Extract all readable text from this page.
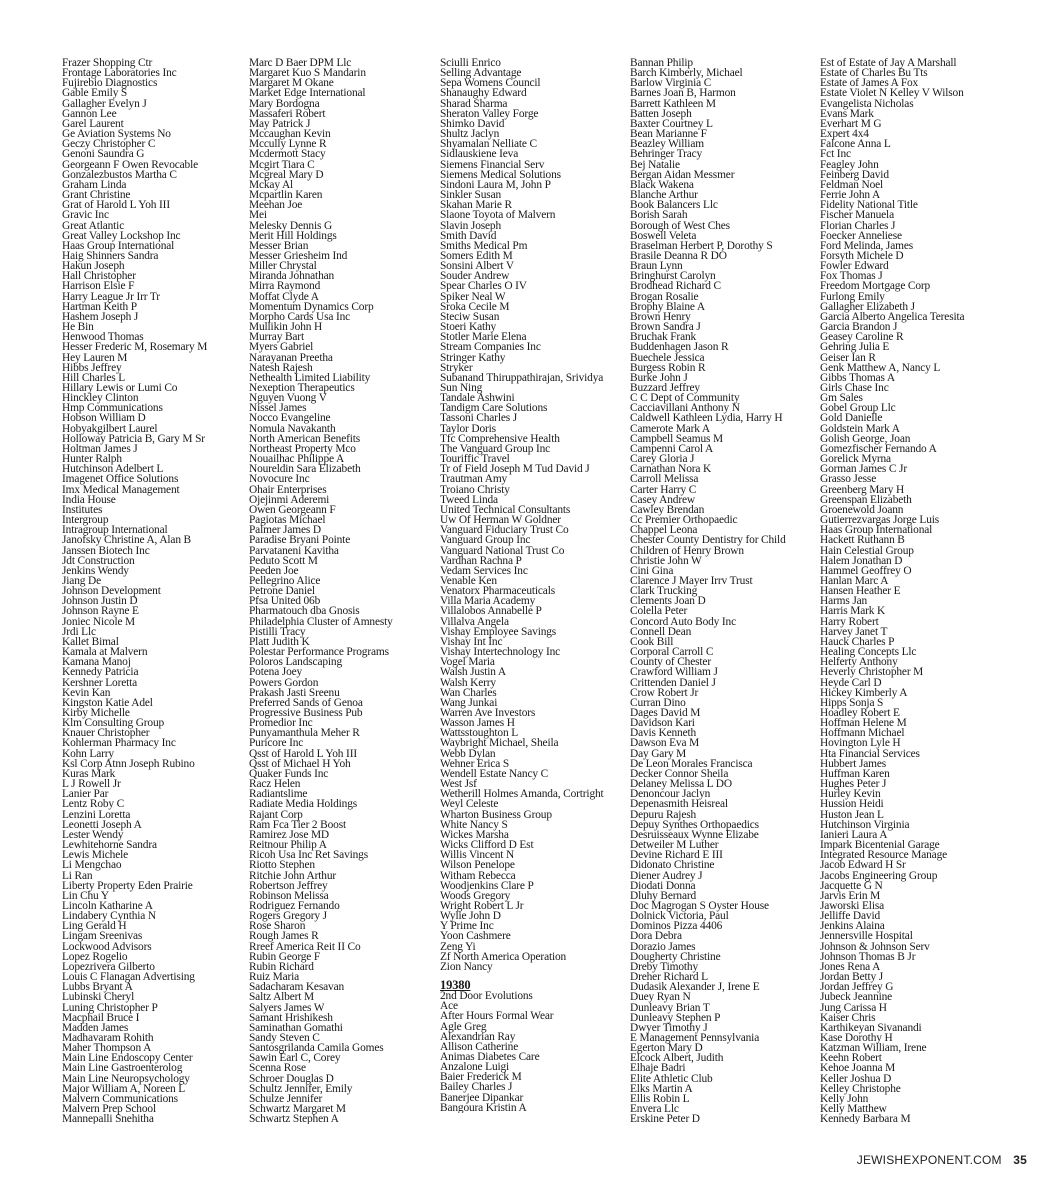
Frazer Shopping Ctr
Frontage Laboratories Inc
Fujirebio Diagnostics
Gable Emily S
Gallagher Evelyn J
Gannon Lee
Garel Laurent
Ge Aviation Systems No
Geczy Christopher C
Genoni Saundra G
Georgeann F Owen Revocable
Gonzalezbustos Martha C
Graham Linda
Grant Christine
Grat of Harold L Yoh III
Gravic Inc
Great Atlantic
Great Valley Lockshop Inc
Haas Group International
Haig Shinners Sandra
Hakun Joseph
Hall Christopher
Harrison Elsie F
Harry League Jr Irr Tr
Hartman Keith P
Hashem Joseph J
He Bin
Henwood Thomas
Hesser Frederic M, Rosemary M
Hey Lauren M
Hibbs Jeffrey
Hill Charles L
Hillary Lewis or Lumi Co
Hinckley Clinton
Hmp Communications
Hobson William D
Hobyakgilbert Laurel
Holloway Patricia B, Gary M Sr
Holtman James J
Hunter Ralph
Hutchinson Adelbert L
Imagenet Office Solutions
Imx Medical Management
India House
Institutes
Intergroup
Intragroup International
Janofsky Christine A, Alan B
Janssen Biotech Inc
Jdt Construction
Jenkins Wendy
Jiang De
Johnson Development
Johnson Justin D
Johnson Rayne E
Joniec Nicole M
Jrdi Llc
Kallet Bimal
Kamala at Malvern
Kamana Manoj
Kennedy Patricia
Kershner Loretta
Kevin Kan
Kingston Katie Adel
Kirby Michelle
Klm Consulting Group
Knauer Christopher
Kohlerman Pharmacy Inc
Kohn Larry
Ksl Corp Atnn Joseph Rubino
Kuras Mark
L J Rowell Jr
Lanier Par
Lentz Roby C
Lenzini Loretta
Leonetti Joseph A
Lester Wendy
Lewhitehorne Sandra
Lewis Michele
Li Mengchao
Li Ran
Liberty Property Eden Prairie
Lin Chu Y
Lincoln Katharine A
Lindabery Cynthia N
Ling Gerald H
Lingam Sreenivas
Lockwood Advisors
Lopez Rogelio
Lopezrivera Gilberto
Louis C Flanagan Advertising
Lubbs Bryant A
Lubinski Cheryl
Luning Christopher P
Macphail Bruce I
Madden James
Madhavaram Rohith
Maher Thompson A
Main Line Endoscopy Center
Main Line Gastroenterolog
Main Line Neuropsychology
Major William A, Noreen L
Malvern Communications
Malvern Prep School
Mannepalli Snehitha
Marc D Baer DPM Llc
Margaret Kuo S Mandarin
Margaret M Okane
Market Edge International
Mary Bordogna
Massaferi Robert
May Patrick J
Mccaughan Kevin
Mccully Lynne R
Mcdermott Stacy
Mcgirt Tiara C
Mcgreal Mary D
Mckay Al
Mcpartlin Karen
Meehan Joe
Mei
Melesky Dennis G
Merit Hill Holdings
Messer Brian
Messer Griesheim Ind
Miller Chrystal
Miranda Johnathan
Mirra Raymond
Moffat Clyde A
Momentum Dynamics Corp
Morpho Cards Usa Inc
Mullikin John H
Murray Bart
Myers Gabriel
Narayanan Preetha
Natesh Rajesh
Nethealth Limited Liability
Nexeption Therapeutics
Nguyen Vuong V
Nissel James
Nocco Evangeline
Nomula Navakanth
North American Benefits
Northeast Property Mco
Nouailhac Philippe A
Noureldin Sara Elizabeth
Novocure Inc
Ohair Enterprises
Ojejinmi Aderemi
Owen Georgeann F
Pagiotas Michael
Palmer James D
Paradise Bryani Pointe
Parvataneni Kavitha
Peduto Scott M
Peeden Joe
Pellegrino Alice
Petrone Daniel
Pfsa United 06b
Pharmatouch dba Gnosis
Philadelphia Cluster of Amnesty
Pistilli Tracy
Platt Judith K
Polestar Performance Programs
Poloros Landscaping
Potena Joey
Powers Gordon
Prakash Jasti Sreenu
Preferred Sands of Genoa
Progressive Business Pub
Promedior Inc
Punyamanthula Meher R
Puricore Inc
Qsst of Harold L Yoh III
Qsst of Michael H Yoh
Quaker Funds Inc
Racz Helen
Radiantslime
Radiate Media Holdings
Rajant Corp
Ram Fca Tier 2 Boost
Ramirez Jose MD
Reitnour Philip A
Ricoh Usa Inc Ret Savings
Riotto Stephen
Ritchie John Arthur
Robertson Jeffrey
Robinson Melissa
Rodriguez Fernando
Rogers Gregory J
Rose Sharon
Rough James R
Rreef America Reit II Co
Rubin George F
Rubin Richard
Ruiz Maria
Sadacharam Kesavan
Saltz Albert M
Salyers James W
Samant Hrishikesh
Saminathan Gomathi
Sandy Steven C
Santosgrilanda Camila Gomes
Sawin Earl C, Corey
Scenna Rose
Schroer Douglas D
Schultz Jennifer, Emily
Schulze Jennifer
Schwartz Margaret M
Schwartz Stephen A
Sciulli Enrico
Selling Advantage
Sepa Womens Council
Shanaughy Edward
Sharad Sharma
Sheraton Valley Forge
Shimko David
Shultz Jaclyn
Shyamalan Nelliate C
Sidlauskiene Ieva
Siemens Financial Serv
Siemens Medical Solutions
Sindoni Laura M, John P
Sinkler Susan
Skahan Marie R
Slaone Toyota of Malvern
Slavin Joseph
Smith David
Smiths Medical Pm
Somers Edith M
Sonsini Albert V
Souder Andrew
Spear Charles O IV
Spiker Neal W
Sroka Cecile M
Steciw Susan
Stoeri Kathy
Stotler Marie Elena
Stream Companies Inc
Stringer Kathy
Stryker
Subanand Thiruppathirajan, Srividya
Sun Ning
Tandale Ashwini
Tandigm Care Solutions
Tassoni Charles J
Taylor Doris
Tfc Comprehensive Health
The Vanguard Group Inc
Touriffic Travel
Tr of Field Joseph M Tud David J
Trautman Amy
Troiano Christy
Tweed Linda
United Technical Consultants
Uw Of Herman W Goldner
Vanguard Fiduciary Trust Co
Vanguard Group Inc
Vanguard National Trust Co
Vardhan Rachna P
Vedam Services Inc
Venable Ken
Venatorx Pharmaceuticals
Villa Maria Academy
Villalobos Annabelle P
Villalva Angela
Vishay Employee Savings
Vishay Int Inc
Vishay Intertechnology Inc
Vogel Maria
Walsh Justin A
Walsh Kerry
Wan Charles
Wang Junkai
Warren Ave Investors
Wasson James H
Wattsstoughton L
Waybright Michael, Sheila
Webb Dylan
Wehner Erica S
Wendell Estate Nancy C
West Jsf
Wetherill Holmes Amanda, Cortright
Weyl Celeste
Wharton Business Group
White Nancy S
Wickes Marsha
Wicks Clifford D Est
Willis Vincent N
Wilson Penelope
Witham Rebecca
Woodjenkins Clare P
Woods Gregory
Wright Robert L Jr
Wylie John D
Y Prime Inc
Yoon Cashmere
Zeng Yi
Zf North America Operation
Zion Nancy
19380
2nd Door Evolutions
Ace
After Hours Formal Wear
Agle Greg
Alexandrian Ray
Allison Catherine
Animas Diabetes Care
Anzalone Luigi
Baier Frederick M
Bailey Charles J
Banerjee Dipankar
Bangoura Kristin A
Bannan Philip
Barch Kimberly, Michael
Barlow Virginia C
Barnes Joan B, Harmon
Barrett Kathleen M
Batten Joseph
Baxter Courtney L
Bean Marianne F
Beazley William
Behringer Tracy
Bej Natalie
Bergan Aidan Messmer
Black Wakena
Blanche Arthur
Book Balancers Llc
Borish Sarah
Borough of West Ches
Boswell Veleta
Braselman Herbert P, Dorothy S
Brasile Deanna R DO
Braun Lynn
Bringhurst Carolyn
Brodhead Richard C
Brogan Rosalie
Brophy Blaine A
Brown Henry
Brown Sandra J
Bruchak Frank
Buddenhagen Jason R
Buechele Jessica
Burgess Robin R
Burke John J
Buzzard Jeffrey
C C Dept of Community
Cacciavillani Anthony N
Caldwell Kathleen Lydia, Harry H
Camerote Mark A
Campbell Seamus M
Campenni Carol A
Carey Gloria J
Carnathan Nora K
Carroll Melissa
Carter Harry C
Casey Andrew
Cawley Brendan
Cc Premier Orthopaedic
Chappel Leona
Chester County Dentistry for Child
Children of Henry Brown
Christie John W
Cini Gina
Clarence J Mayer Irrv Trust
Clark Trucking
Clements Joan D
Colella Peter
Concord Auto Body Inc
Connell Dean
Cook Bill
Corporal Carroll C
County of Chester
Crawford William J
Crittenden Daniel J
Crow Robert Jr
Curran Dino
Dages David M
Davidson Kari
Davis Kenneth
Dawson Eva M
Day Gary M
De Leon Morales Francisca
Decker Connor Sheila
Delaney Melissa L DO
Denoncour Jaclyn
Depenasmith Heisreal
Depuru Rajesh
Depuy Synthes Orthopaedics
Desruisseaux Wynne Elizabe
Detweiler M Luther
Devine Richard E III
Didonato Christine
Diener Audrey J
Diodati Donna
Dluhy Bernard
Doc Magrogan S Oyster House
Dolnick Victoria, Paul
Dominos Pizza 4406
Dora Debra
Dorazio James
Dougherty Christine
Dreby Timothy
Dreher Richard L
Dudasik Alexander J, Irene E
Duey Ryan N
Dunleavy Brian T
Dunleavy Stephen P
Dwyer Timothy J
E Management Pennsylvania
Egerton Mary D
Elcock Albert, Judith
Elhaje Badri
Elite Athletic Club
Elks Martin A
Ellis Robin L
Envera Llc
Erskine Peter D
Est of Estate of Jay A Marshall
Estate of Charles Bu Tts
Estate of James A Fox
Estate Violet N Kelley V Wilson
Evangelista Nicholas
Evans Mark
Everhart M G
Expert 4x4
Falcone Anna L
Fct Inc
Feagley John
Feinberg David
Feldman Noel
Ferrie John A
Fidelity National Title
Fischer Manuela
Florian Charles J
Foecker Anneliese
Ford Melinda, James
Forsyth Michele D
Fowler Edward
Fox Thomas J
Freedom Mortgage Corp
Furlong Emily
Gallagher Elizabeth J
Garcia Alberto Angelica Teresita
Garcia Brandon J
Geasey Caroline R
Gehring Julia E
Geiser Ian R
Genk Matthew A, Nancy L
Gibbs Thomas A
Girls Chase Inc
Gm Sales
Gobel Group Llc
Gold Danielle
Goldstein Mark A
Golish George, Joan
Gomezfischer Fernando A
Gorelick Myrna
Gorman James C Jr
Grasso Jesse
Greenberg Mary H
Greenspan Elizabeth
Groenewold Joann
Gutierrezvargas Jorge Luis
Haas Group International
Hackett Ruthann B
Hain Celestial Group
Halem Jonathan D
Hammel Geoffrey O
Hanlan Marc A
Hansen Heather E
Harms Jan
Harris Mark K
Harry Robert
Harvey Janet T
Hauck Charles P
Healing Concepts Llc
Helferty Anthony
Heverly Christopher M
Heyde Carl D
Hickey Kimberly A
Hipps Sonja S
Hoadley Robert E
Hoffman Helene M
Hoffmann Michael
Hovington Lyle H
Hta Financial Services
Hubbert James
Huffman Karen
Hughes Peter J
Hurley Kevin
Hussion Heidi
Huston Jean L
Hutchinson Virginia
Ianieri Laura A
Impark Bicentenial Garage
Integrated Resource Manage
Jacob Edward H Sr
Jacobs Engineering Group
Jacquette G N
Jarvis Erin M
Jaworski Elisa
Jelliffe David
Jenkins Alaina
Jennersville Hospital
Johnson & Johnson Serv
Johnson Thomas B Jr
Jones Rena A
Jordan Betty J
Jordan Jeffrey G
Jubeck Jeannine
Jung Carissa H
Kaiser Chris
Karthikeyan Sivanandi
Kase Dorothy H
Katzman William, Irene
Keehn Robert
Kehoe Joanna M
Keller Joshua D
Kelley Christophe
Kelly John
Kelly Matthew
Kennedy Barbara M
JEWISHEXPONENT.COM 35
